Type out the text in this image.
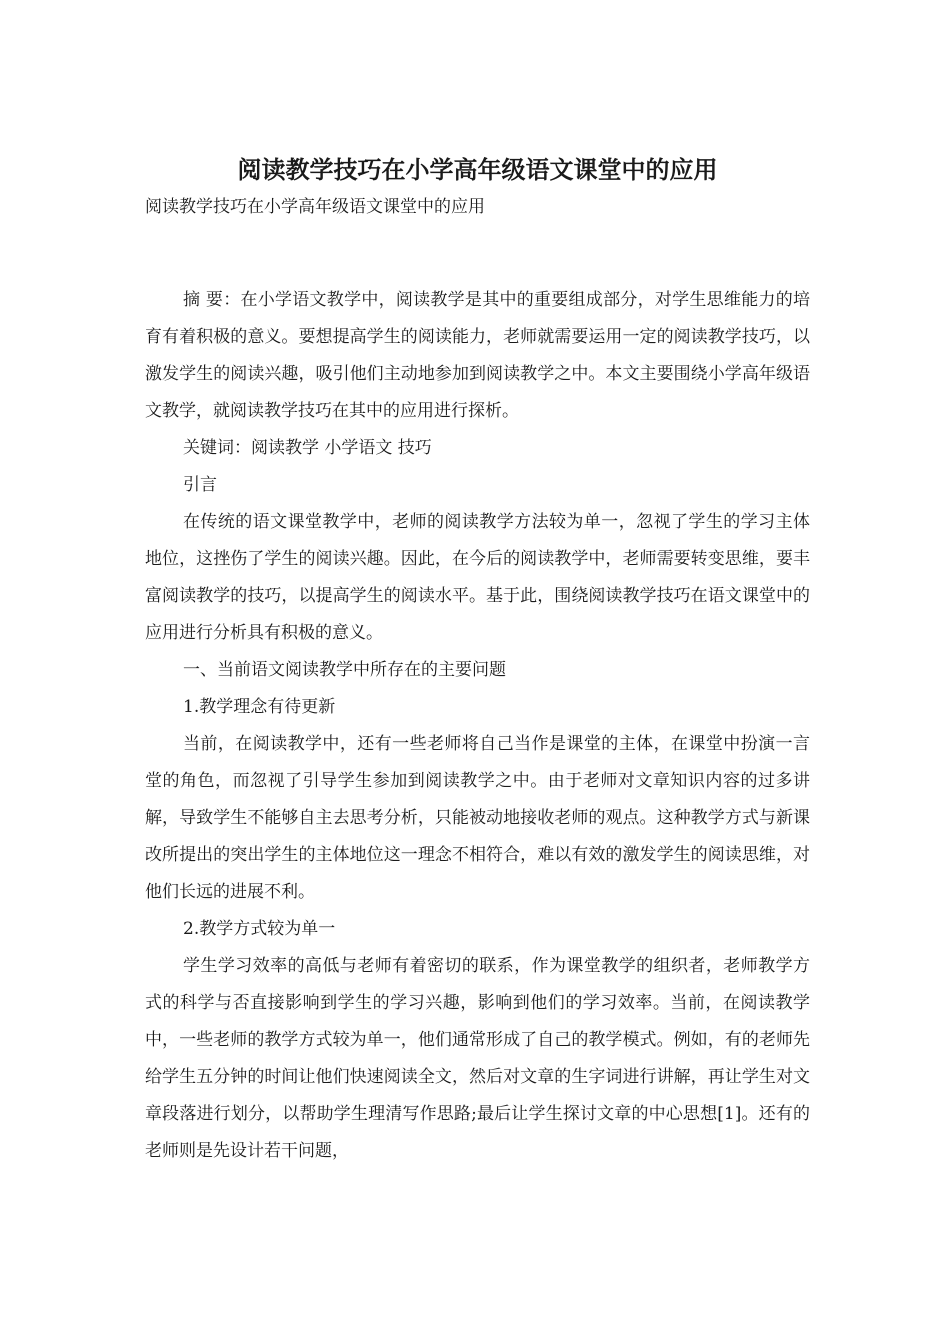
阅读教学技巧在小学高年级语文课堂中的应用

阅读教学技巧在小学高年级语文课堂中的应用

摘 要：在小学语文教学中，阅读教学是其中的重要组成部分，对学生思维能力的培育有着积极的意义。要想提高学生的阅读能力，老师就需要运用一定的阅读教学技巧，以激发学生的阅读兴趣，吸引他们主动地参加到阅读教学之中。本文主要围绕小学高年级语文教学，就阅读教学技巧在其中的应用进行探析。

关键词：阅读教学 小学语文 技巧

引言

在传统的语文课堂教学中，老师的阅读教学方法较为单一，忽视了学生的学习主体地位，这挫伤了学生的阅读兴趣。因此，在今后的阅读教学中，老师需要转变思维，要丰富阅读教学的技巧，以提高学生的阅读水平。基于此，围绕阅读教学技巧在语文课堂中的应用进行分析具有积极的意义。

一、当前语文阅读教学中所存在的主要问题

1.教学理念有待更新

当前，在阅读教学中，还有一些老师将自己当作是课堂的主体，在课堂中扮演一言堂的角色，而忽视了引导学生参加到阅读教学之中。由于老师对文章知识内容的过多讲解，导致学生不能够自主去思考分析，只能被动地接收老师的观点。这种教学方式与新课改所提出的突出学生的主体地位这一理念不相符合，难以有效的激发学生的阅读思维，对他们长远的进展不利。

2.教学方式较为单一

学生学习效率的高低与老师有着密切的联系，作为课堂教学的组织者，老师教学方式的科学与否直接影响到学生的学习兴趣，影响到他们的学习效率。当前，在阅读教学中，一些老师的教学方式较为单一，他们通常形成了自己的教学模式。例如，有的老师先给学生五分钟的时间让他们快速阅读全文，然后对文章的生字词进行讲解，再让学生对文章段落进行划分，以帮助学生理清写作思路;最后让学生探讨文章的中心思想[1]。还有的老师则是先设计若干问题，
